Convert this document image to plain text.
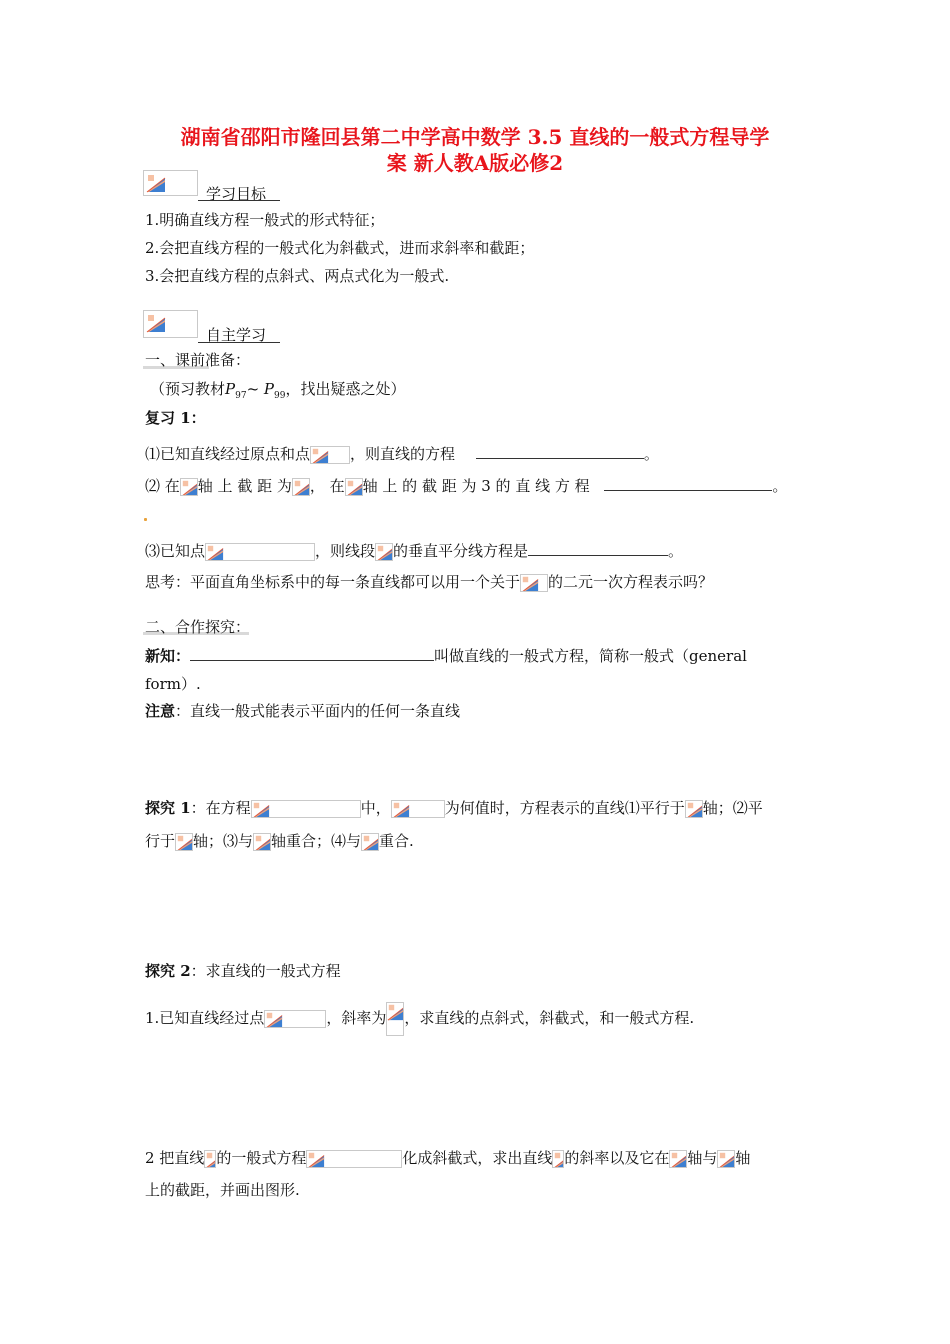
湖南省邵阳市隆回县第二中学高中数学 3.5 直线的一般式方程导学
案 新人教A版必修2
学习目标
1.明确直线方程一般式的形式特征；
2.会把直线方程的一般式化为斜截式，进而求斜率和截距；
3.会把直线方程的点斜式、两点式化为一般式.
自主学习
一、课前准备：
（预习教材$P_{97}\sim$ $P_{99}$，找出疑惑之处）
复习 1：
⑴已知直线经过原点和点	，则直线的方程	。
⑵ 在 轴 上 截 距 为 ， 在 轴 上 的 截 距 为 3 的 直 线 方 程	。
⑶已知点	，则线段 的垂直平分线方程是	。
思考：平面直角坐标系中的每一条直线都可以用一个关于 的二元一次方程表示吗？
二、合作探究：
新知：	叫做直线的一般式方程，简称一般式（general
form）.
注意：直线一般式能表示平面内的任何一条直线
探究 1：在方程	中，	为何值时，方程表示的直线⑴平行于 轴；⑵平
行于 轴；⑶与 轴重合；⑷与 重合.
探究 2：求直线的一般式方程
1.已知直线经过点	，斜率为 ，求直线的点斜式，斜截式，和一般式方程.
2 把直线 的一般式方程	化成斜截式，求出直线 的斜率以及它在 轴与 轴
上的截距，并画出图形.
